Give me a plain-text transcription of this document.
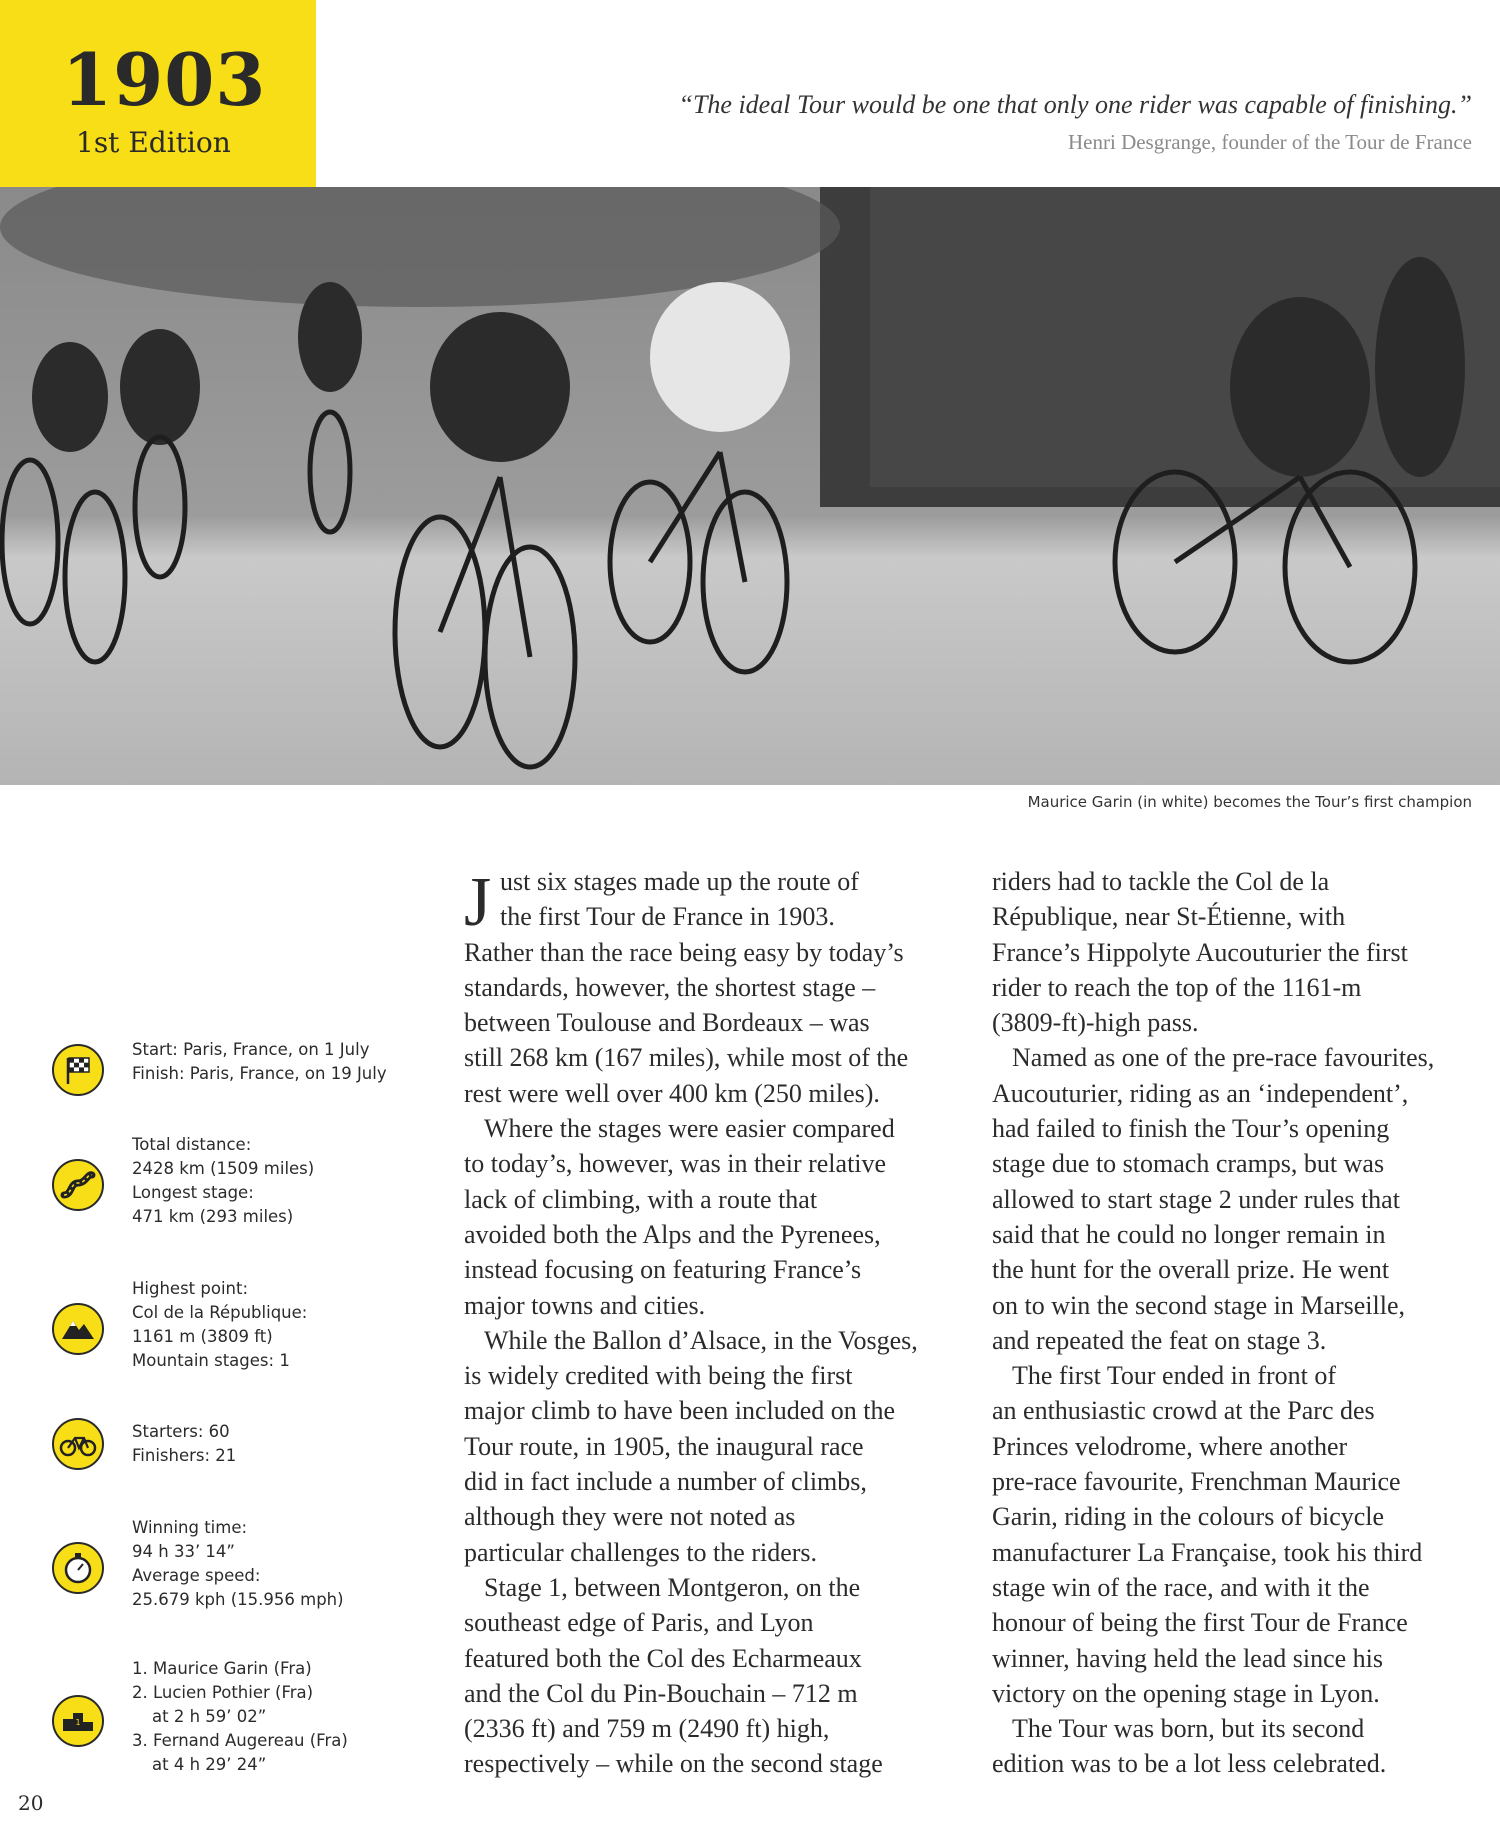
1903
1st Edition
“The ideal Tour would be one that only one rider was capable of finishing.”
Henri Desgrange, founder of the Tour de France
Maurice Garin (in white) becomes the Tour’s first champion
Start: Paris, France, on 1 July
Finish: Paris, France, on 19 July
Total distance:
2428 km (1509 miles)
Longest stage:
471 km (293 miles)
Highest point:
Col de la République:
1161 m (3809 ft)
Mountain stages: 1
Starters: 60
Finishers: 21
Winning time:
94 h 33’ 14”
Average speed:
25.679 kph (15.956 mph)
1
1. Maurice Garin (Fra)
2. Lucien Pothier (Fra)
at 2 h 59’ 02”
3. Fernand Augereau (Fra)
at 4 h 29’ 24”
J ust six stages made up the route of
the first Tour de France in 1903.
Rather than the race being easy by today’s
standards, however, the shortest stage –
between Toulouse and Bordeaux – was
still 268 km (167 miles), while most of the
rest were well over 400 km (250 miles).
Where the stages were easier compared
to today’s, however, was in their relative
lack of climbing, with a route that
avoided both the Alps and the Pyrenees,
instead focusing on featuring France’s
major towns and cities.
While the Ballon d’Alsace, in the Vosges,
is widely credited with being the first
major climb to have been included on the
Tour route, in 1905, the inaugural race
did in fact include a number of climbs,
although they were not noted as
particular challenges to the riders.
Stage 1, between Montgeron, on the
southeast edge of Paris, and Lyon
featured both the Col des Echarmeaux
and the Col du Pin-Bouchain – 712 m
(2336 ft) and 759 m (2490 ft) high,
respectively – while on the second stage
riders had to tackle the Col de la
République, near St-Étienne, with
France’s Hippolyte Aucouturier the first
rider to reach the top of the 1161-m
(3809-ft)-high pass.
Named as one of the pre-race favourites,
Aucouturier, riding as an ‘independent’,
had failed to finish the Tour’s opening
stage due to stomach cramps, but was
allowed to start stage 2 under rules that
said that he could no longer remain in
the hunt for the overall prize. He went
on to win the second stage in Marseille,
and repeated the feat on stage 3.
The first Tour ended in front of
an enthusiastic crowd at the Parc des
Princes velodrome, where another
pre-race favourite, Frenchman Maurice
Garin, riding in the colours of bicycle
manufacturer La Française, took his third
stage win of the race, and with it the
honour of being the first Tour de France
winner, having held the lead since his
victory on the opening stage in Lyon.
The Tour was born, but its second
edition was to be a lot less celebrated.
20
